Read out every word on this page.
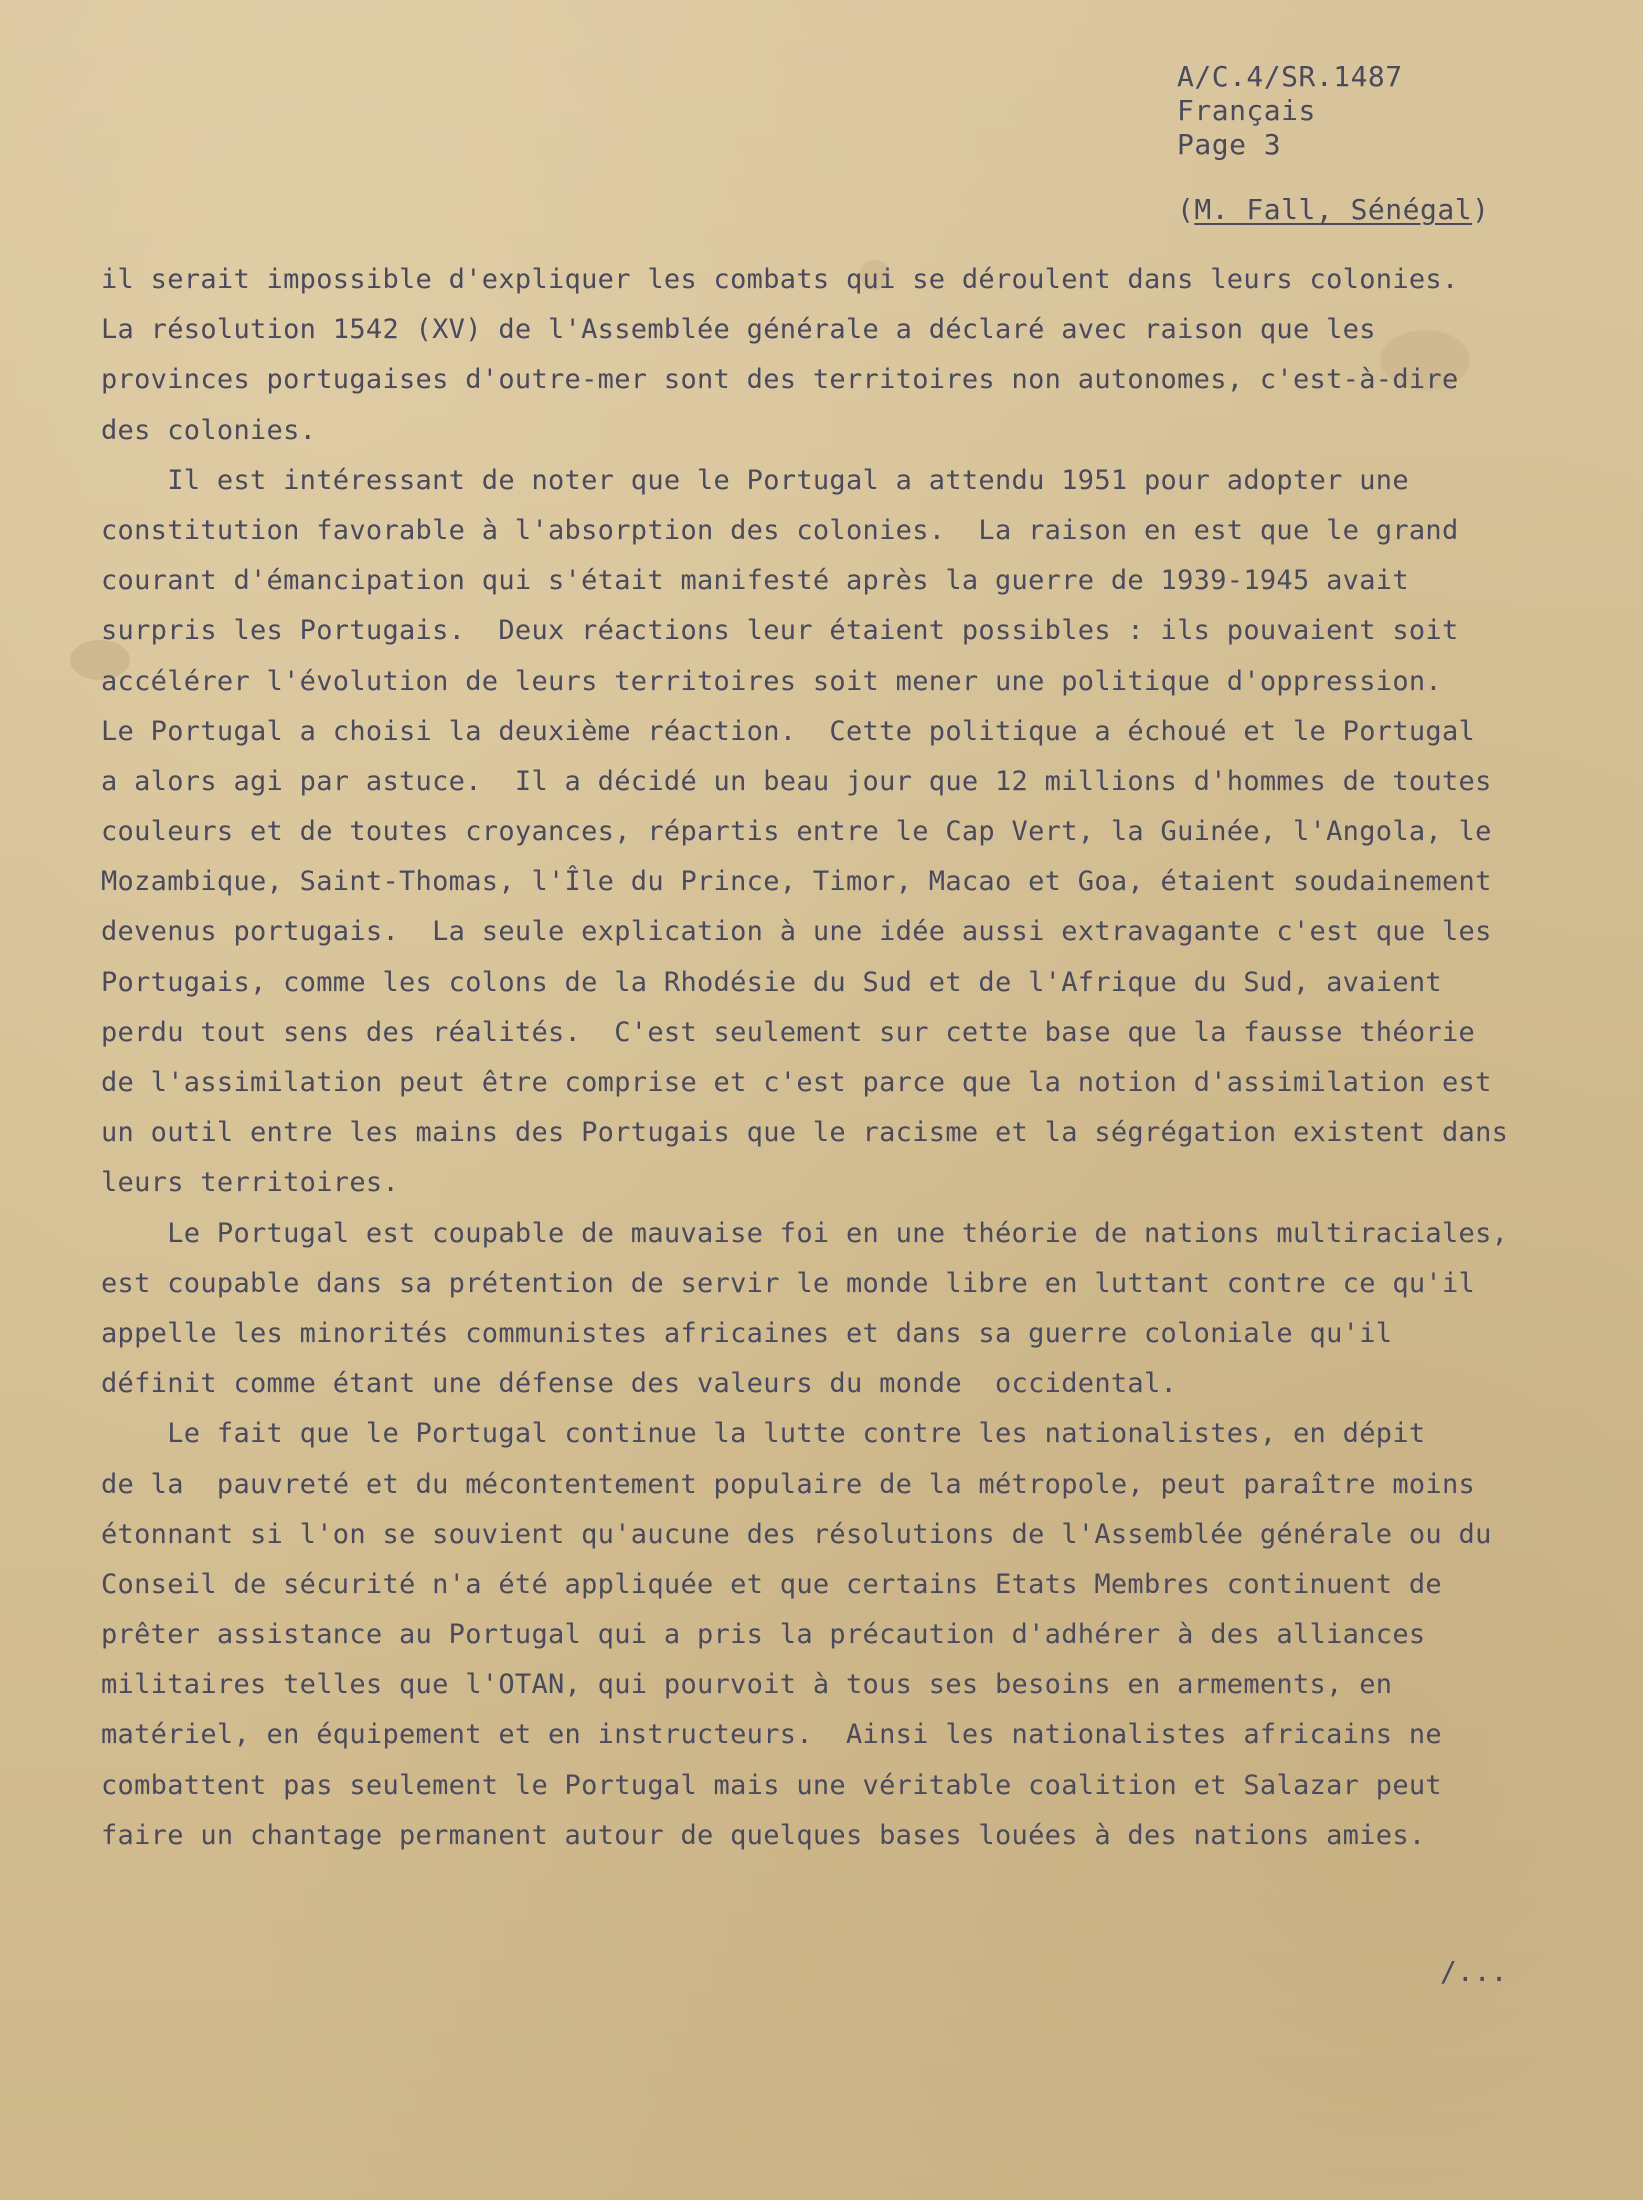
A/C.4/SR.1487
Français
Page 3
(M. Fall, Sénégal)
il serait impossible d'expliquer les combats qui se déroulent dans leurs colonies.
La résolution 1542 (XV) de l'Assemblée générale a déclaré avec raison que les
provinces portugaises d'outre-mer sont des territoires non autonomes, c'est-à-dire
des colonies.
Il est intéressant de noter que le Portugal a attendu 1951 pour adopter une
constitution favorable à l'absorption des colonies.  La raison en est que le grand
courant d'émancipation qui s'était manifesté après la guerre de 1939-1945 avait
surpris les Portugais.  Deux réactions leur étaient possibles : ils pouvaient soit
accélérer l'évolution de leurs territoires soit mener une politique d'oppression.
Le Portugal a choisi la deuxième réaction.  Cette politique a échoué et le Portugal
a alors agi par astuce.  Il a décidé un beau jour que 12 millions d'hommes de toutes
couleurs et de toutes croyances, répartis entre le Cap Vert, la Guinée, l'Angola, le
Mozambique, Saint-Thomas, l'Île du Prince, Timor, Macao et Goa, étaient soudainement
devenus portugais.  La seule explication à une idée aussi extravagante c'est que les
Portugais, comme les colons de la Rhodésie du Sud et de l'Afrique du Sud, avaient
perdu tout sens des réalités.  C'est seulement sur cette base que la fausse théorie
de l'assimilation peut être comprise et c'est parce que la notion d'assimilation est
un outil entre les mains des Portugais que le racisme et la ségrégation existent dans
leurs territoires.
Le Portugal est coupable de mauvaise foi en une théorie de nations multiraciales,
est coupable dans sa prétention de servir le monde libre en luttant contre ce qu'il
appelle les minorités communistes africaines et dans sa guerre coloniale qu'il
définit comme étant une défense des valeurs du monde  occidental.
Le fait que le Portugal continue la lutte contre les nationalistes, en dépit
de la  pauvreté et du mécontentement populaire de la métropole, peut paraître moins
étonnant si l'on se souvient qu'aucune des résolutions de l'Assemblée générale ou du
Conseil de sécurité n'a été appliquée et que certains Etats Membres continuent de
prêter assistance au Portugal qui a pris la précaution d'adhérer à des alliances
militaires telles que l'OTAN, qui pourvoit à tous ses besoins en armements, en
matériel, en équipement et en instructeurs.  Ainsi les nationalistes africains ne
combattent pas seulement le Portugal mais une véritable coalition et Salazar peut
faire un chantage permanent autour de quelques bases louées à des nations amies.
/...
